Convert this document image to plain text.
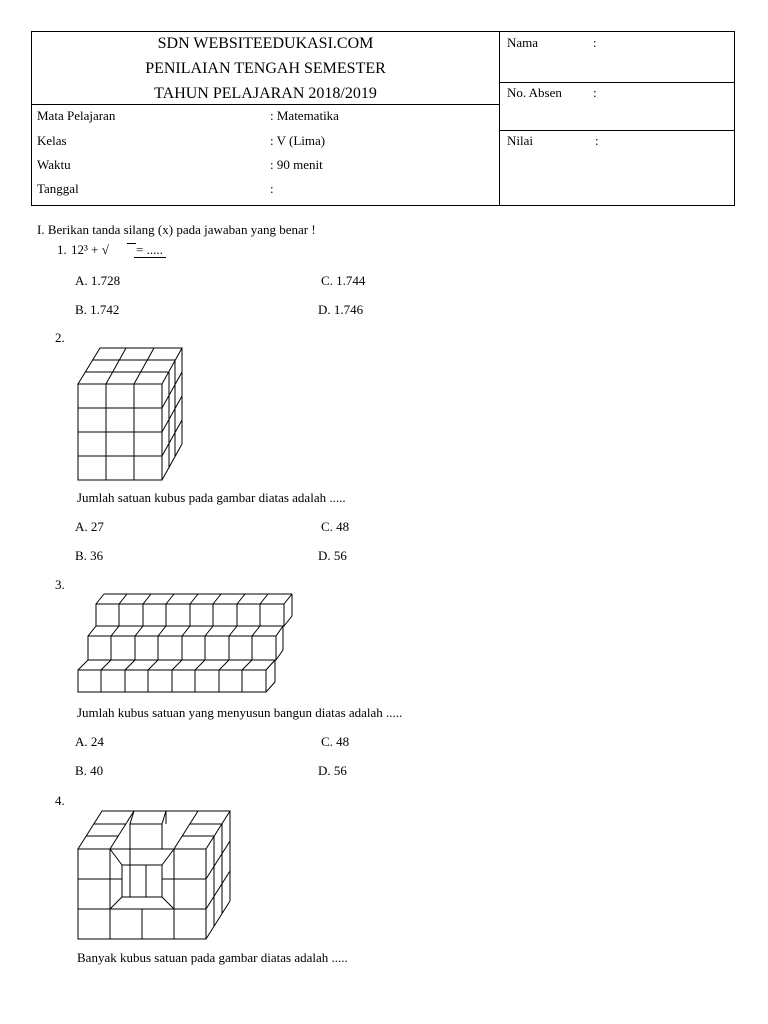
SDN WEBSITEEDUKASI.COM
PENILAIAN TENGAH SEMESTER
TAHUN PELAJARAN 2018/2019
Mata Pelajaran	: Matematika
Kelas	: V (Lima)
Waktu	: 90 menit
Tanggal	:
Nama	:
No. Absen :
Nilai	:
I. Berikan tanda silang (x) pada jawaban yang benar !
1. 12³ + √ = .....
A. 1.728	C. 1.744
B. 1.742	D. 1.746
2.
Jumlah satuan kubus pada gambar diatas adalah .....
A. 27	C. 48
B. 36	D. 56
3.
Jumlah kubus satuan yang menyusun bangun diatas adalah .....
A. 24	C. 48
B. 40	D. 56
4.
Banyak kubus satuan pada gambar diatas adalah .....
